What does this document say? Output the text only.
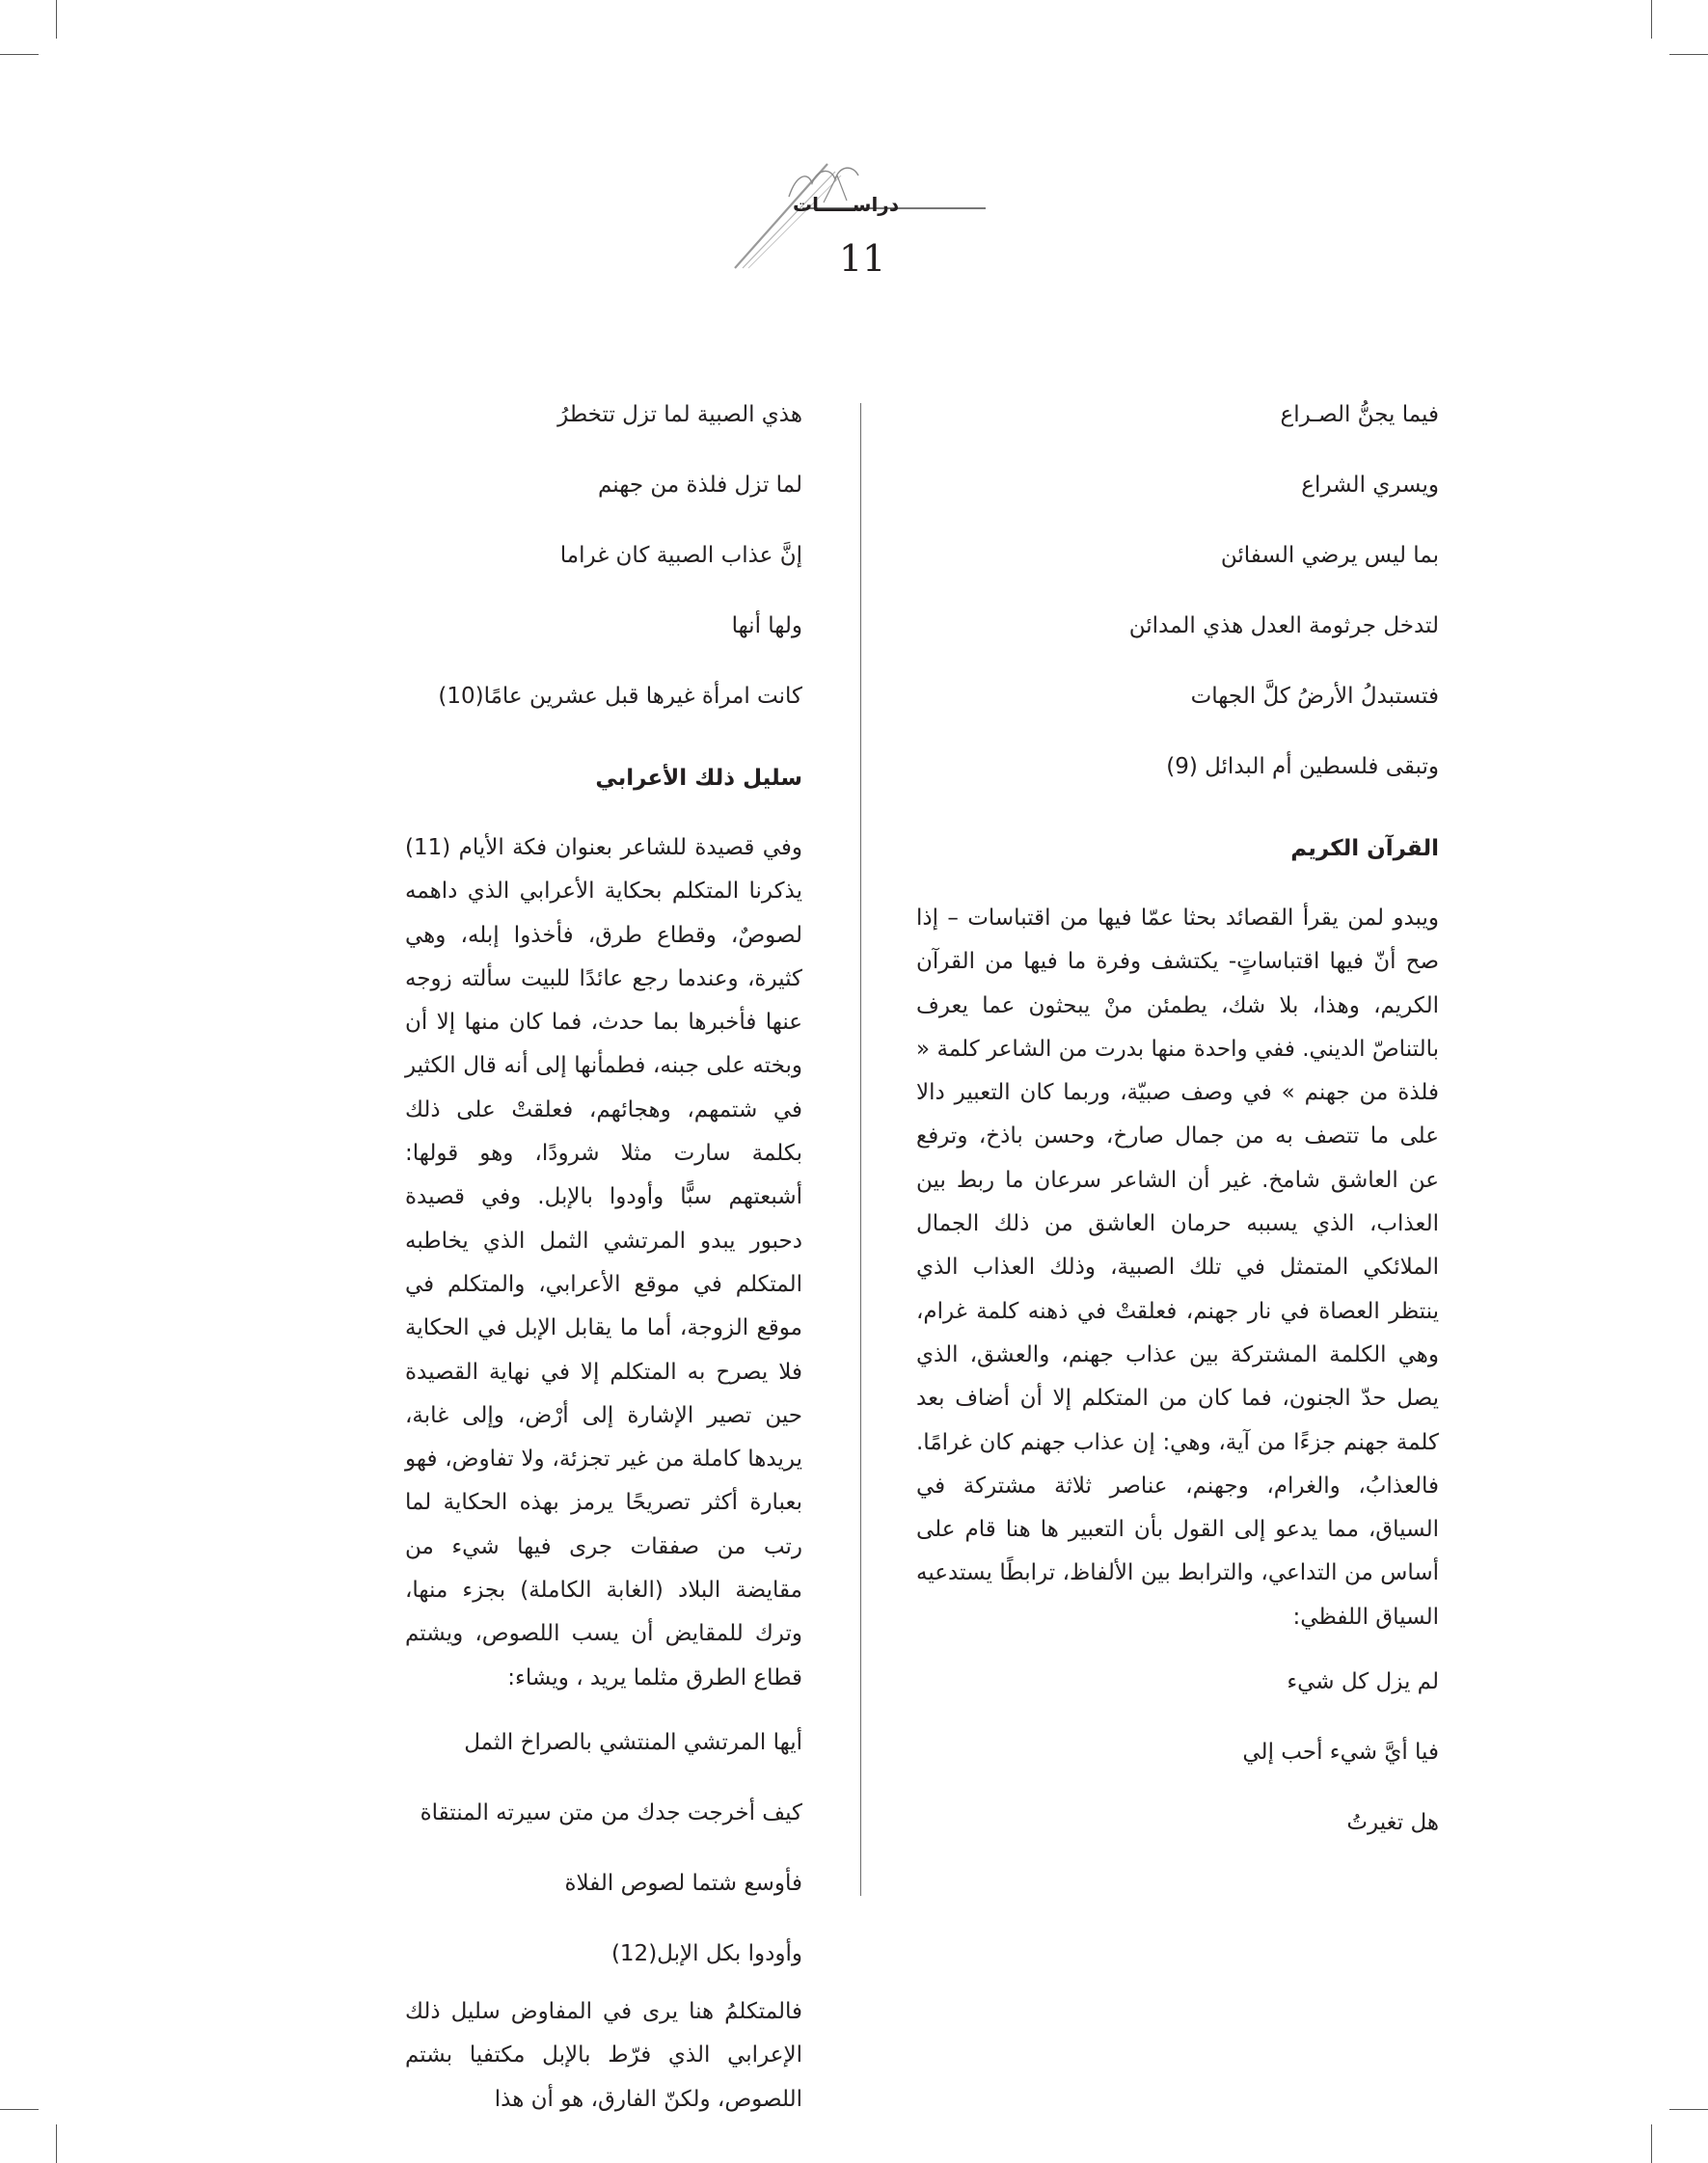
دراســـــات
11
فيما يجنُّ الصـراع
ويسري الشراع
بما ليس يرضي السفائن
لتدخل جرثومة العدل هذي المدائن
فتستبدلُ الأرضُ كلَّ الجهات
وتبقى فلسطين أم البدائل (9)
القرآن الكريم

ويبدو لمن يقرأ القصائد بحثا عمّا فيها من اقتباسات – إذا صح أنّ فيها اقتباساتٍ- يكتشف وفرة ما فيها من القرآن الكريم، وهذا، بلا شك، يطمئن منْ يبحثون عما يعرف بالتناصّ الديني. ففي واحدة منها بدرت من الشاعر كلمة « فلذة من جهنم » في وصف صبيّة، وربما كان التعبير دالا على ما تتصف به من جمال صارخ، وحسن باذخ، وترفع عن العاشق شامخ. غير أن الشاعر سرعان ما ربط بين العذاب، الذي يسببه حرمان العاشق من ذلك الجمال الملائكي المتمثل في تلك الصبية، وذلك العذاب الذي ينتظر العصاة في نار جهنم، فعلقتْ في ذهنه كلمة غرام، وهي الكلمة المشتركة بين عذاب جهنم، والعشق، الذي يصل حدّ الجنون، فما كان من المتكلم إلا أن أضاف بعد كلمة جهنم جزءًا من آية، وهي: إن عذاب جهنم كان غرامًا. فالعذابُ، والغرام، وجهنم، عناصر ثلاثة مشتركة في السياق، مما يدعو إلى القول بأن التعبير ها هنا قام على أساس من التداعي، والترابط بين الألفاظ، ترابطًا يستدعيه السياق اللفظي:

لم يزل كل شيء
فيا أيَّ شيء أحب إلي
هل تغيرتُ
هذي الصبية لما تزل تتخطرُ
لما تزل فلذة من جهنم
إنَّ عذاب الصبية كان غراما
ولها أنها
كانت امرأة غيرها قبل عشرين عامًا(10)
سليل ذلك الأعرابي

وفي قصيدة للشاعر بعنوان فكة الأيام (11) يذكرنا المتكلم بحكاية الأعرابي الذي داهمه لصوصٌ، وقطاع طرق، فأخذوا إبله، وهي كثيرة، وعندما رجع عائدًا للبيت سألته زوجه عنها فأخبرها بما حدث، فما كان منها إلا أن وبخته على جبنه، فطمأنها إلى أنه قال الكثير في شتمهم، وهجائهم، فعلقتْ على ذلك بكلمة سارت مثلا شرودًا، وهو قولها: أشبعتهم سبًّا وأودوا بالإبل. وفي قصيدة دحبور يبدو المرتشي الثمل الذي يخاطبه المتكلم في موقع الأعرابي، والمتكلم في موقع الزوجة، أما ما يقابل الإبل في الحكاية فلا يصرح به المتكلم إلا في نهاية القصيدة حين تصير الإشارة إلى أرْض، وإلى غابة، يريدها كاملة من غير تجزئة، ولا تفاوض، فهو بعبارة أكثر تصريحًا يرمز بهذه الحكاية لما رتب من صفقات جرى فيها شيء من مقايضة البلاد (الغابة الكاملة) بجزء منها، وترك للمقايض أن يسب اللصوص، ويشتم قطاع الطرق مثلما يريد ، ويشاء:

أيها المرتشي المنتشي بالصراخ الثمل
كيف أخرجت جدك من متن سيرته المنتقاة
فأوسع شتما لصوص الفلاة
وأودوا بكل الإبل(12)

فالمتكلمُ هنا يرى في المفاوض سليل ذلك الإعرابي الذي فرّط بالإبل مكتفيا بشتم اللصوص، ولكنّ الفارق، هو أن هذا
